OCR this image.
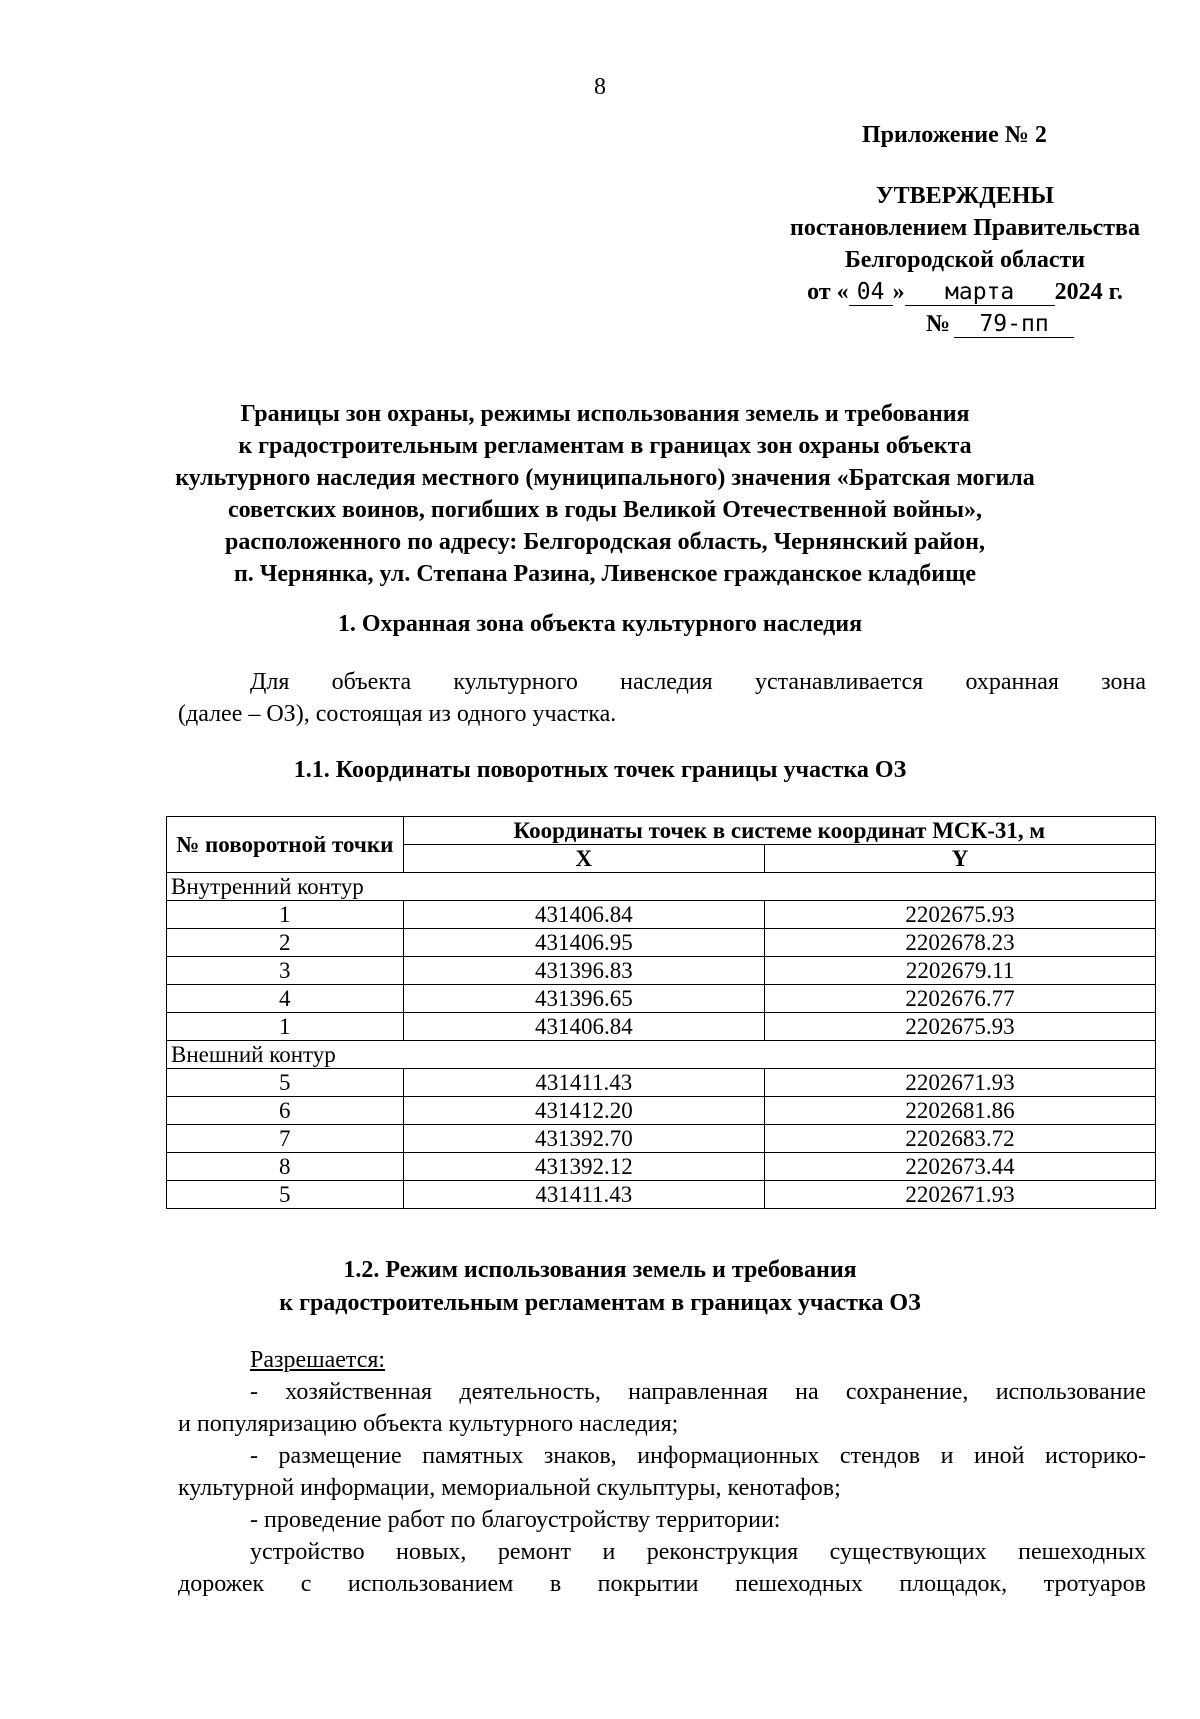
8
Приложение № 2
УТВЕРЖДЕНЫ
постановлением Правительства
Белгородской области
от « 04 » марта 2024 г.
№ 79-пп
Границы зон охраны, режимы использования земель и требования
к градостроительным регламентам в границах зон охраны объекта
культурного наследия местного (муниципального) значения «Братская могила
советских воинов, погибших в годы Великой Отечественной войны»,
расположенного по адресу: Белгородская область, Чернянский район,
п. Чернянка, ул. Степана Разина, Ливенское гражданское кладбище
1. Охранная зона объекта культурного наследия
Для объекта культурного наследия устанавливается охранная зона
(далее – ОЗ), состоящая из одного участка.
1.1. Координаты поворотных точек границы участка ОЗ
№ поворотной точки	Координаты точек в системе координат МСК-31, м	
	X	Y
Внутренний контур		
1	431406.84	2202675.93
2	431406.95	2202678.23
3	431396.83	2202679.11
4	431396.65	2202676.77
1	431406.84	2202675.93
Внешний контур		
5	431411.43	2202671.93
6	431412.20	2202681.86
7	431392.70	2202683.72
8	431392.12	2202673.44
5	431411.43	2202671.93
1.2. Режим использования земель и требования
к градостроительным регламентам в границах участка ОЗ
Разрешается:
- хозяйственная деятельность, направленная на сохранение, использование
и популяризацию объекта культурного наследия;
- размещение памятных знаков, информационных стендов и иной историко-
культурной информации, мемориальной скульптуры, кенотафов;
- проведение работ по благоустройству территории:
устройство новых, ремонт и реконструкция существующих пешеходных
дорожек с использованием в покрытии пешеходных площадок, тротуаров
